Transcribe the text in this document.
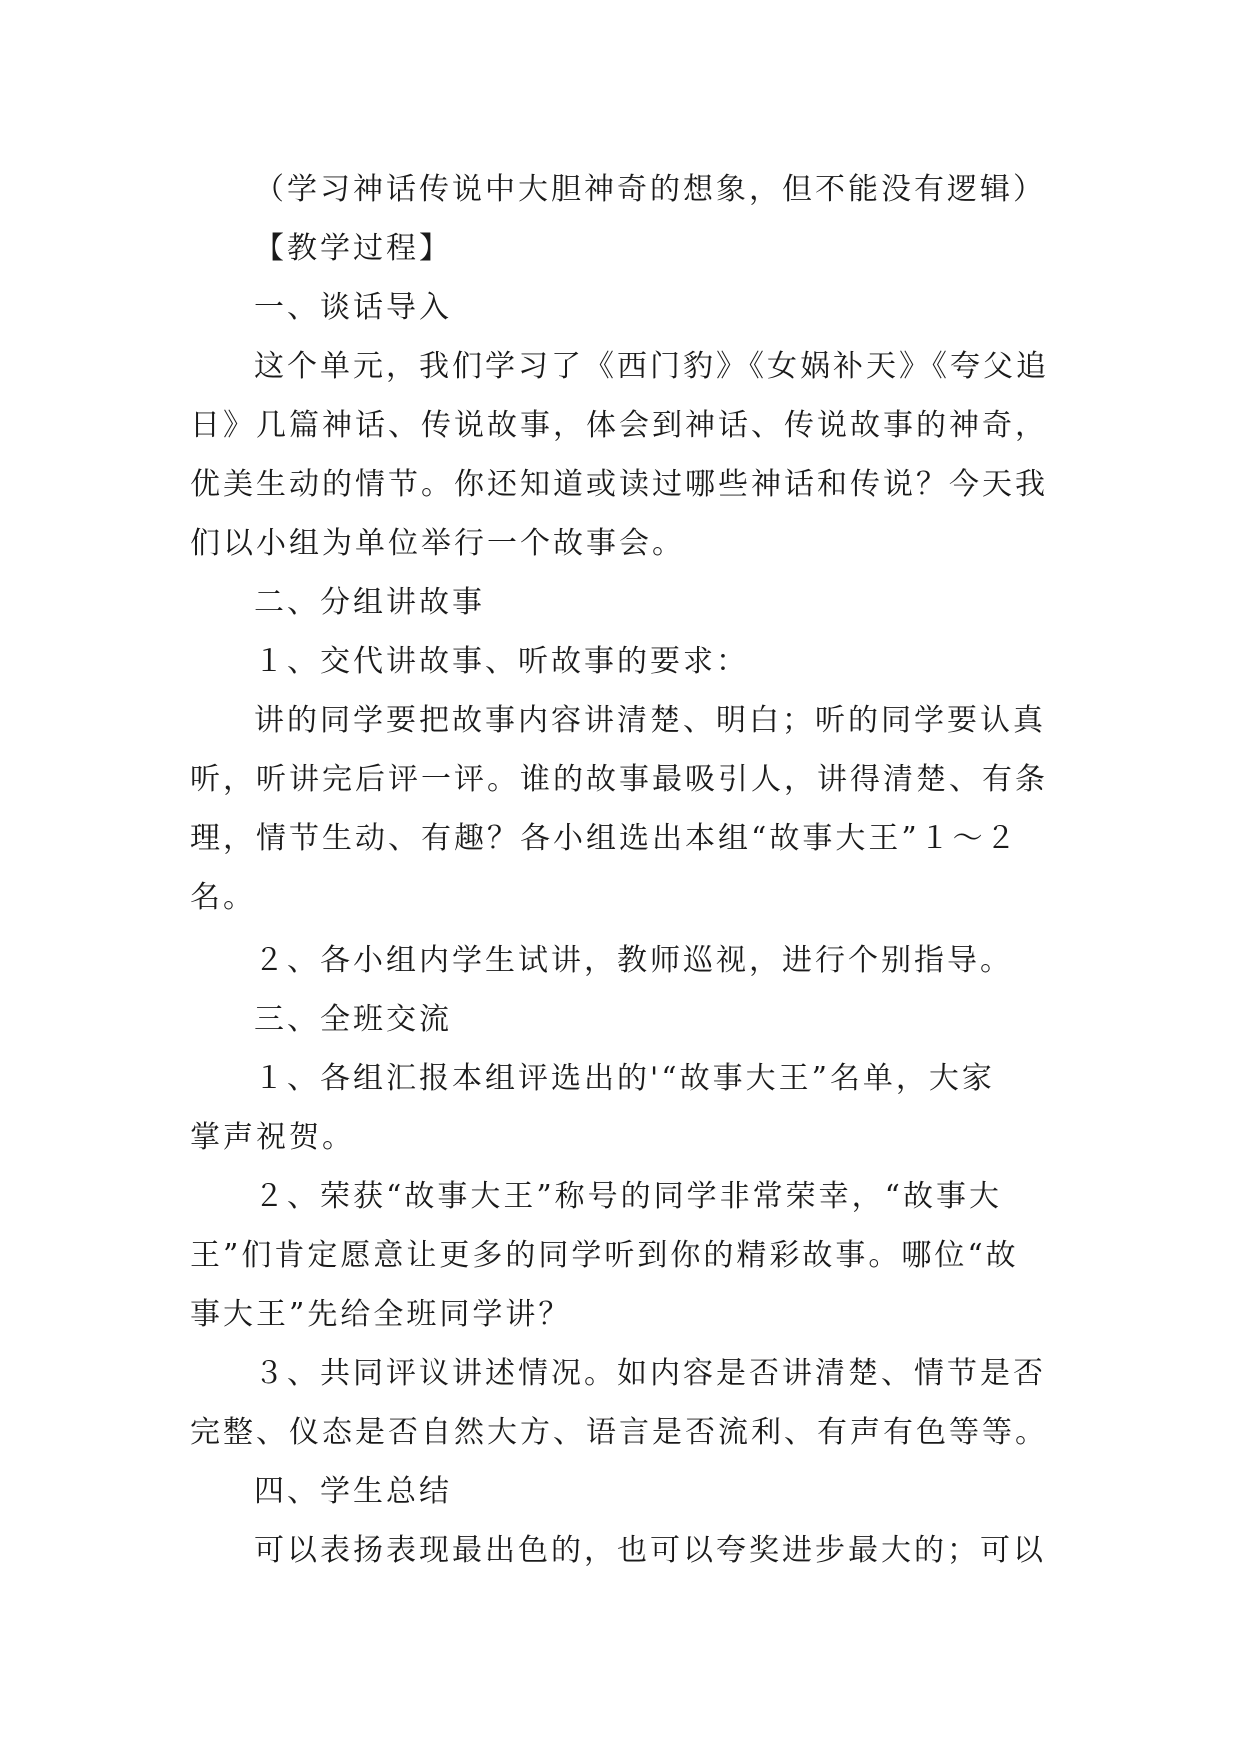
（学习神话传说中大胆神奇的想象，但不能没有逻辑）
【教学过程】
一、谈话导入
这个单元，我们学习了《西门豹》《女娲补天》《夸父追
日》几篇神话、传说故事，体会到神话、传说故事的神奇，
优美生动的情节。你还知道或读过哪些神话和传说？今天我
们以小组为单位举行一个故事会。
二、分组讲故事
１、交代讲故事、听故事的要求：
讲的同学要把故事内容讲清楚、明白；听的同学要认真
听，听讲完后评一评。谁的故事最吸引人，讲得清楚、有条
理，情节生动、有趣？各小组选出本组“故事大王”１～２
名。
２、各小组内学生试讲，教师巡视，进行个别指导。
三、全班交流
１、各组汇报本组评选出的'“故事大王”名单，大家
掌声祝贺。
２、荣获“故事大王”称号的同学非常荣幸，“故事大
王”们肯定愿意让更多的同学听到你的精彩故事。哪位“故
事大王”先给全班同学讲？
３、共同评议讲述情况。如内容是否讲清楚、情节是否
完整、仪态是否自然大方、语言是否流利、有声有色等等。
四、学生总结
可以表扬表现最出色的，也可以夸奖进步最大的；可以
